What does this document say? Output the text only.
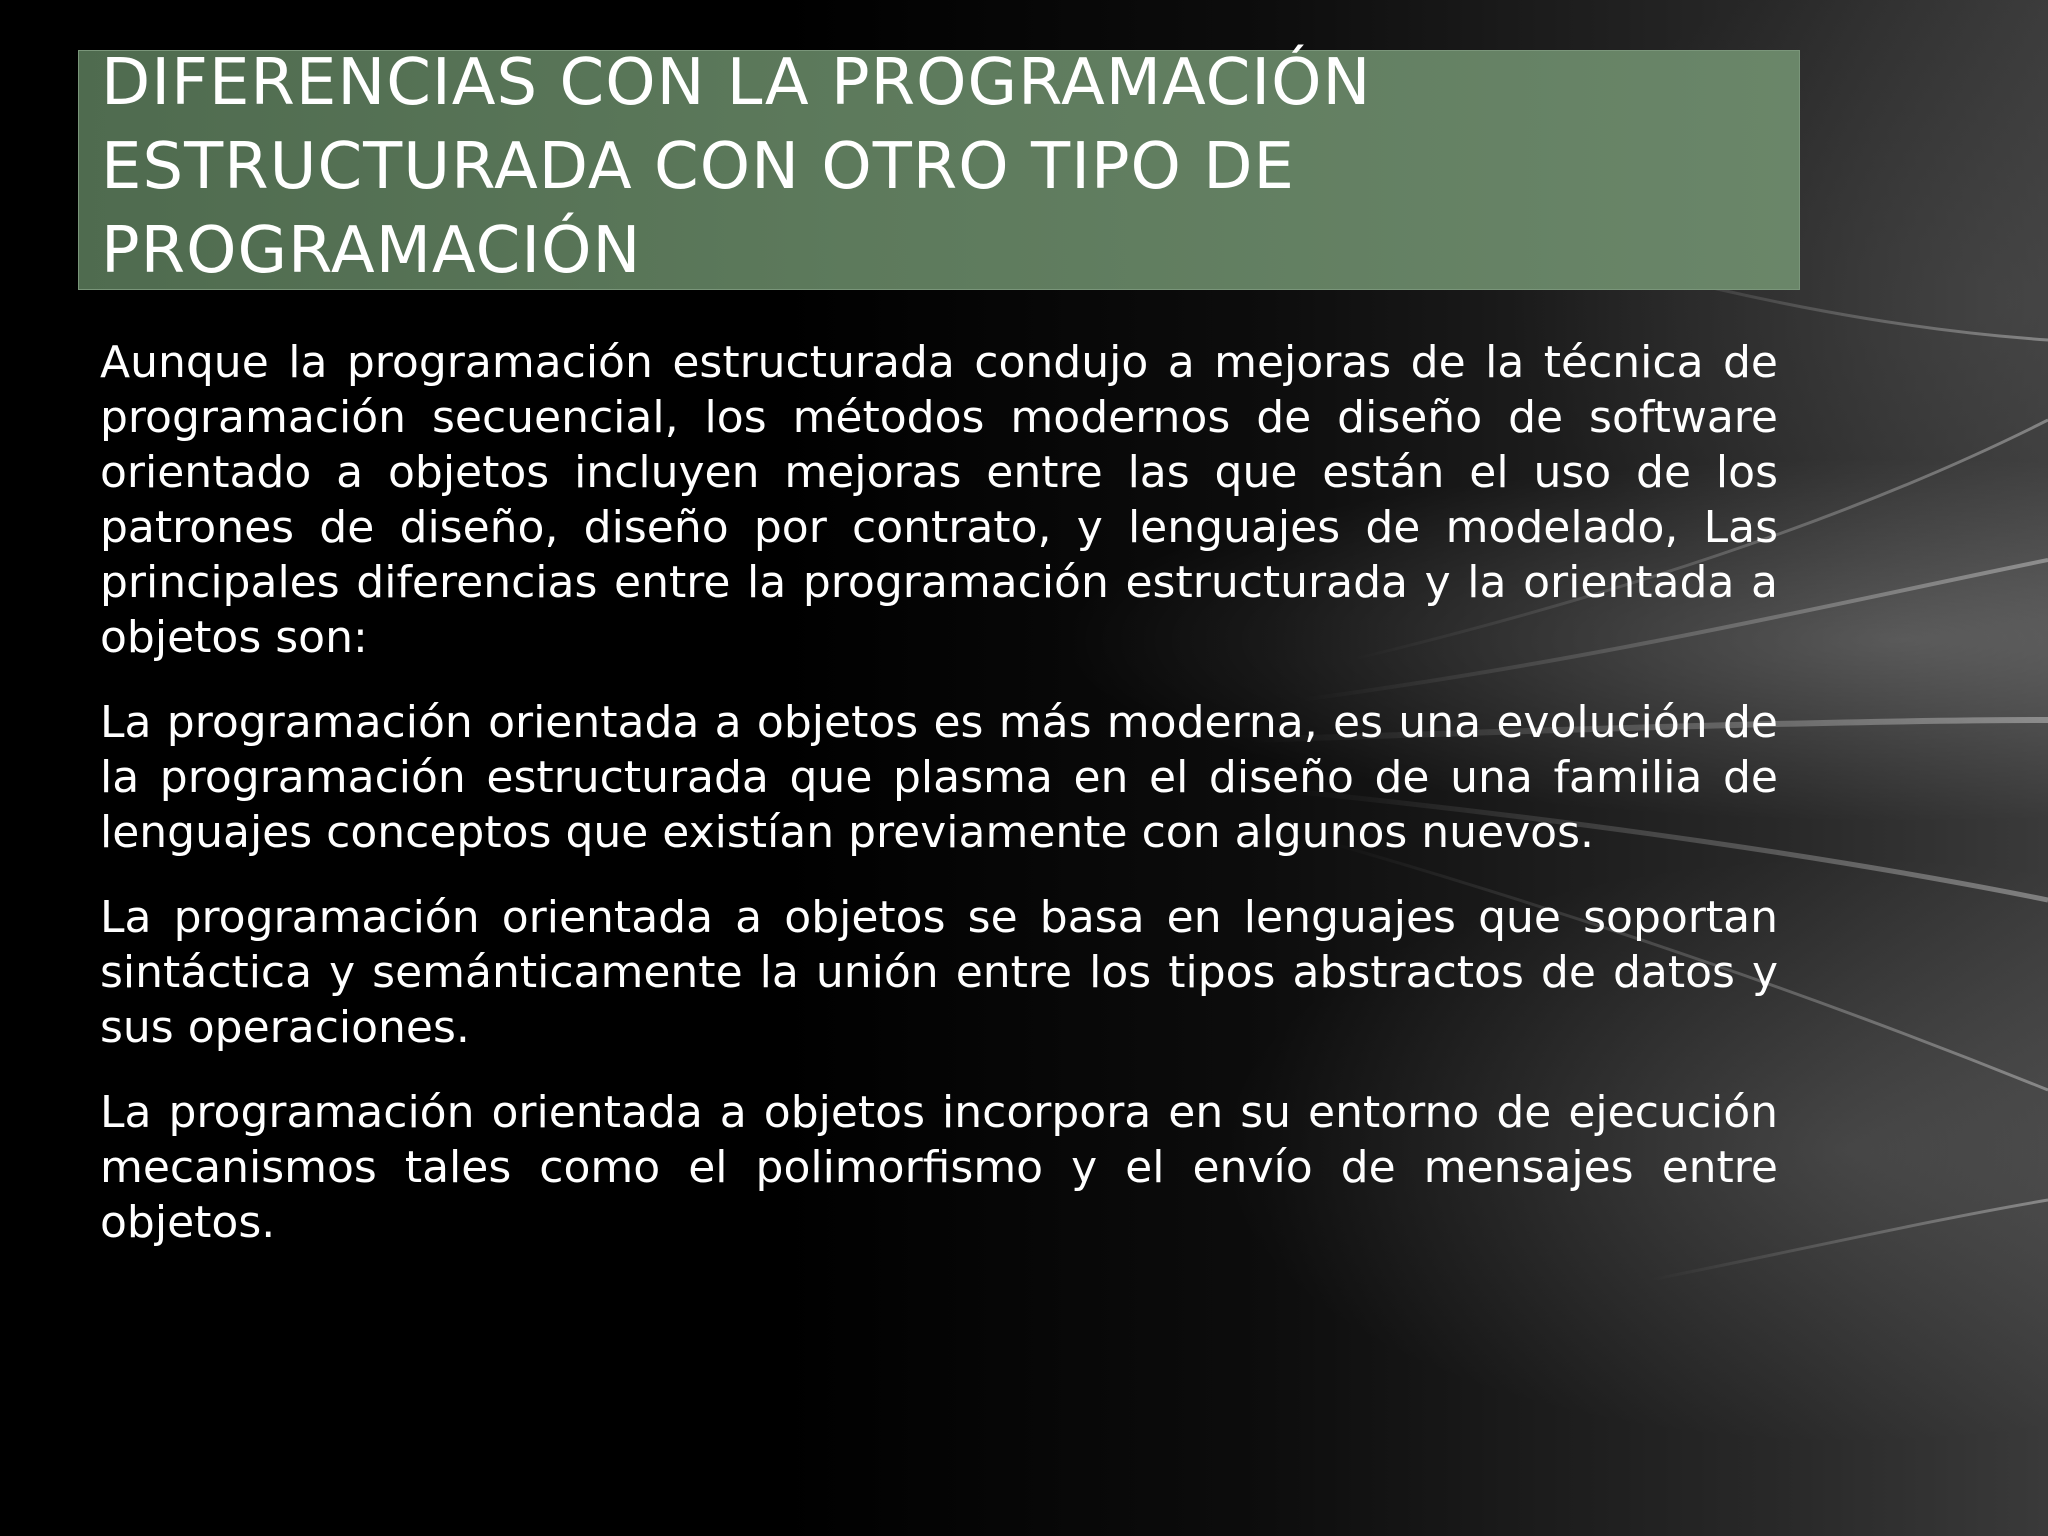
DIFERENCIAS CON LA PROGRAMACIÓN ESTRUCTURADA CON OTRO TIPO DE PROGRAMACIÓN

Aunque la programación estructurada condujo a mejoras de la técnica de programación secuencial, los métodos modernos de diseño de software orientado a objetos incluyen mejoras entre las que están el uso de los patrones de diseño, diseño por contrato, y lenguajes de modelado, Las principales diferencias entre la programación estructurada y la orientada a objetos son:

La programación orientada a objetos es más moderna, es una evolución de la programación estructurada que plasma en el diseño de una familia de lenguajes conceptos que existían previamente con algunos nuevos.

La programación orientada a objetos se basa en lenguajes que soportan sintáctica y semánticamente la unión entre los tipos abstractos de datos y sus operaciones.

La programación orientada a objetos incorpora en su entorno de ejecución mecanismos tales como el polimorfismo y el envío de mensajes entre objetos.
